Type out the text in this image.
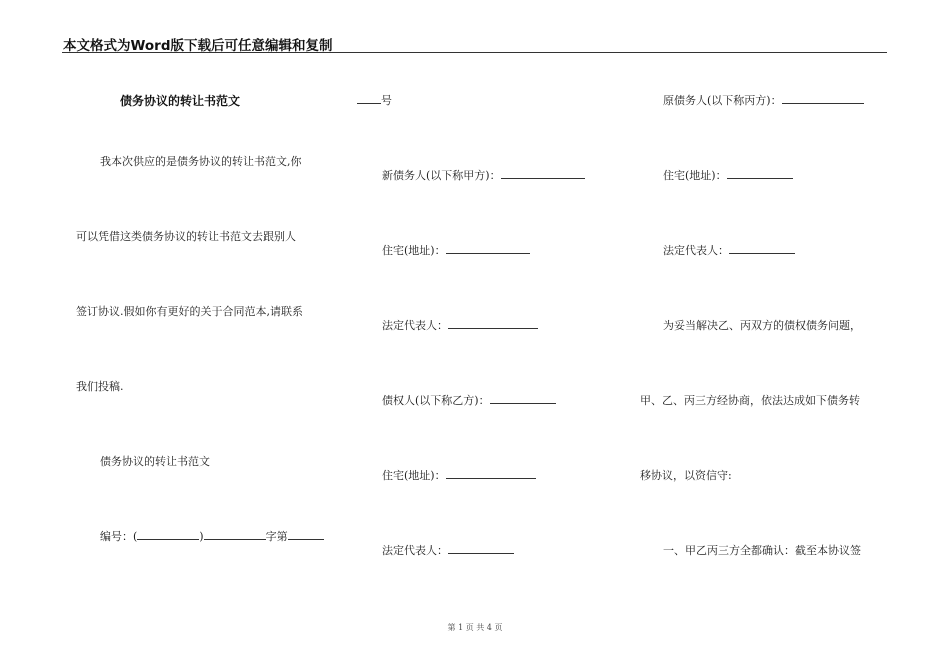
本文格式为Word版下载后可任意编辑和复制
债务协议的转让书范文
我本次供应的是债务协议的转让书范文,你
可以凭借这类债务协议的转让书范文去跟别人
签订协议.假如你有更好的关于合同范本,请联系
我们投稿.
债务协议的转让书范文
编号：(	)	字第
号
新债务人(以下称甲方)：
住宅(地址)：
法定代表人：
债权人(以下称乙方)：
住宅(地址)：
法定代表人：
原债务人(以下称丙方)：
住宅(地址)：
法定代表人：
为妥当解决乙、丙双方的债权债务问题，
甲、乙、丙三方经协商，依法达成如下债务转
移协议，以资信守:
一、甲乙丙三方全都确认：截至本协议签
第 1 页 共 4 页
